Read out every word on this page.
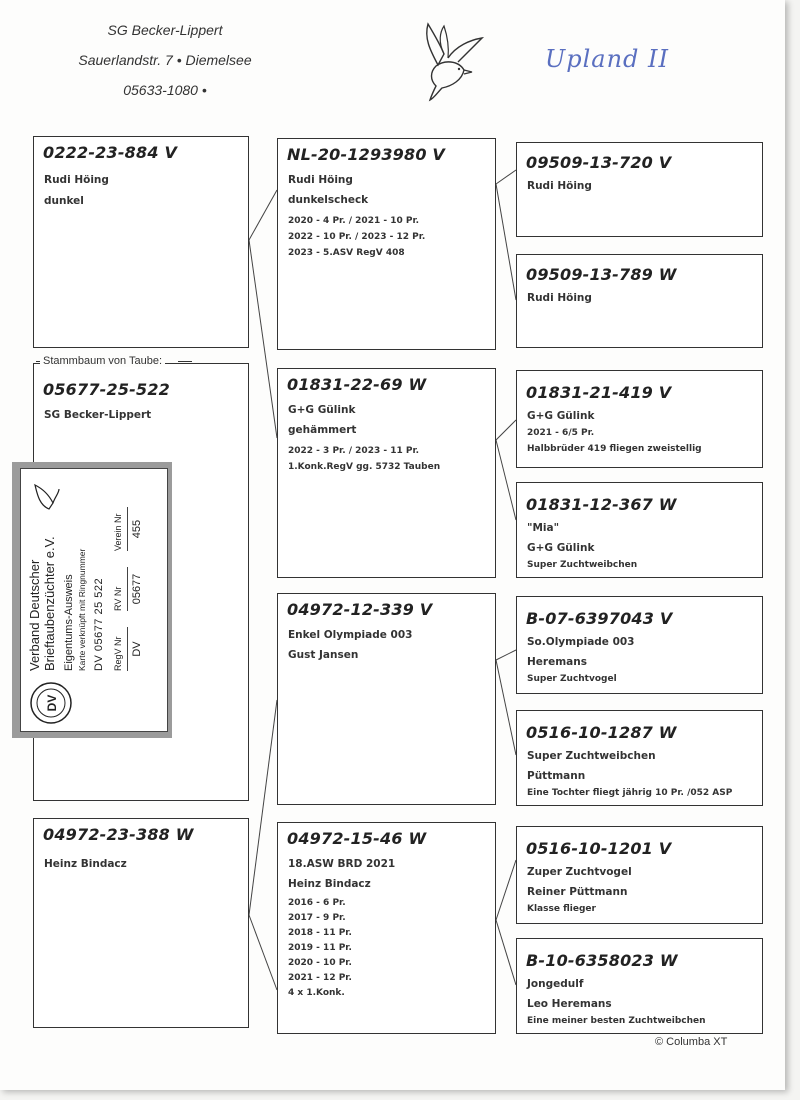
SG Becker-Lippert
Sauerlandstr. 7 • Diemelsee
05633-1080 •
Upland II
0222-23-884 V
Rudi Höing
dunkel
05677-25-522
SG Becker-Lippert
Stammbaum von Taube:
04972-23-388 W
Heinz Bindacz
NL-20-1293980 V
Rudi Höing
dunkelscheck
2020 - 4 Pr. / 2021 - 10 Pr.
2022 - 10 Pr. / 2023 - 12 Pr.
2023 - 5.ASV RegV 408
01831-22-69 W
G+G Gülink
gehämmert
2022 - 3 Pr. / 2023 - 11 Pr.
1.Konk.RegV gg. 5732 Tauben
04972-12-339 V
Enkel Olympiade 003
Gust Jansen
04972-15-46 W
18.ASW BRD 2021
Heinz Bindacz
2016 - 6 Pr.
2017 - 9 Pr.
2018 - 11 Pr.
2019 - 11 Pr.
2020 - 10 Pr.
2021 - 12 Pr.
4 x 1.Konk.
09509-13-720 V
Rudi Höing
09509-13-789 W
Rudi Höing
01831-21-419 V
G+G Gülink
2021 - 6/5 Pr.
Halbbrüder 419 fliegen zweistellig
01831-12-367 W
"Mia"
G+G Gülink
Super Zuchtweibchen
B-07-6397043 V
So.Olympiade 003
Heremans
Super Zuchtvogel
0516-10-1287 W
Super Zuchtweibchen
Püttmann
Eine Tochter fliegt jährig 10 Pr. /052 ASP
0516-10-1201 V
Zuper Zuchtvogel
Reiner Püttmann
Klasse flieger
B-10-6358023 W
Jongedulf
Leo Heremans
Eine meiner besten Zuchtweibchen
DV
Verband Deutscher Brieftaubenzüchter e.V. Eigentums-Ausweis Karte verknüpft mit Ringnummer DV 05677 25 522 RegV Nr
RV Nr
Verein Nr
DV
05677
455
© Columba XT
